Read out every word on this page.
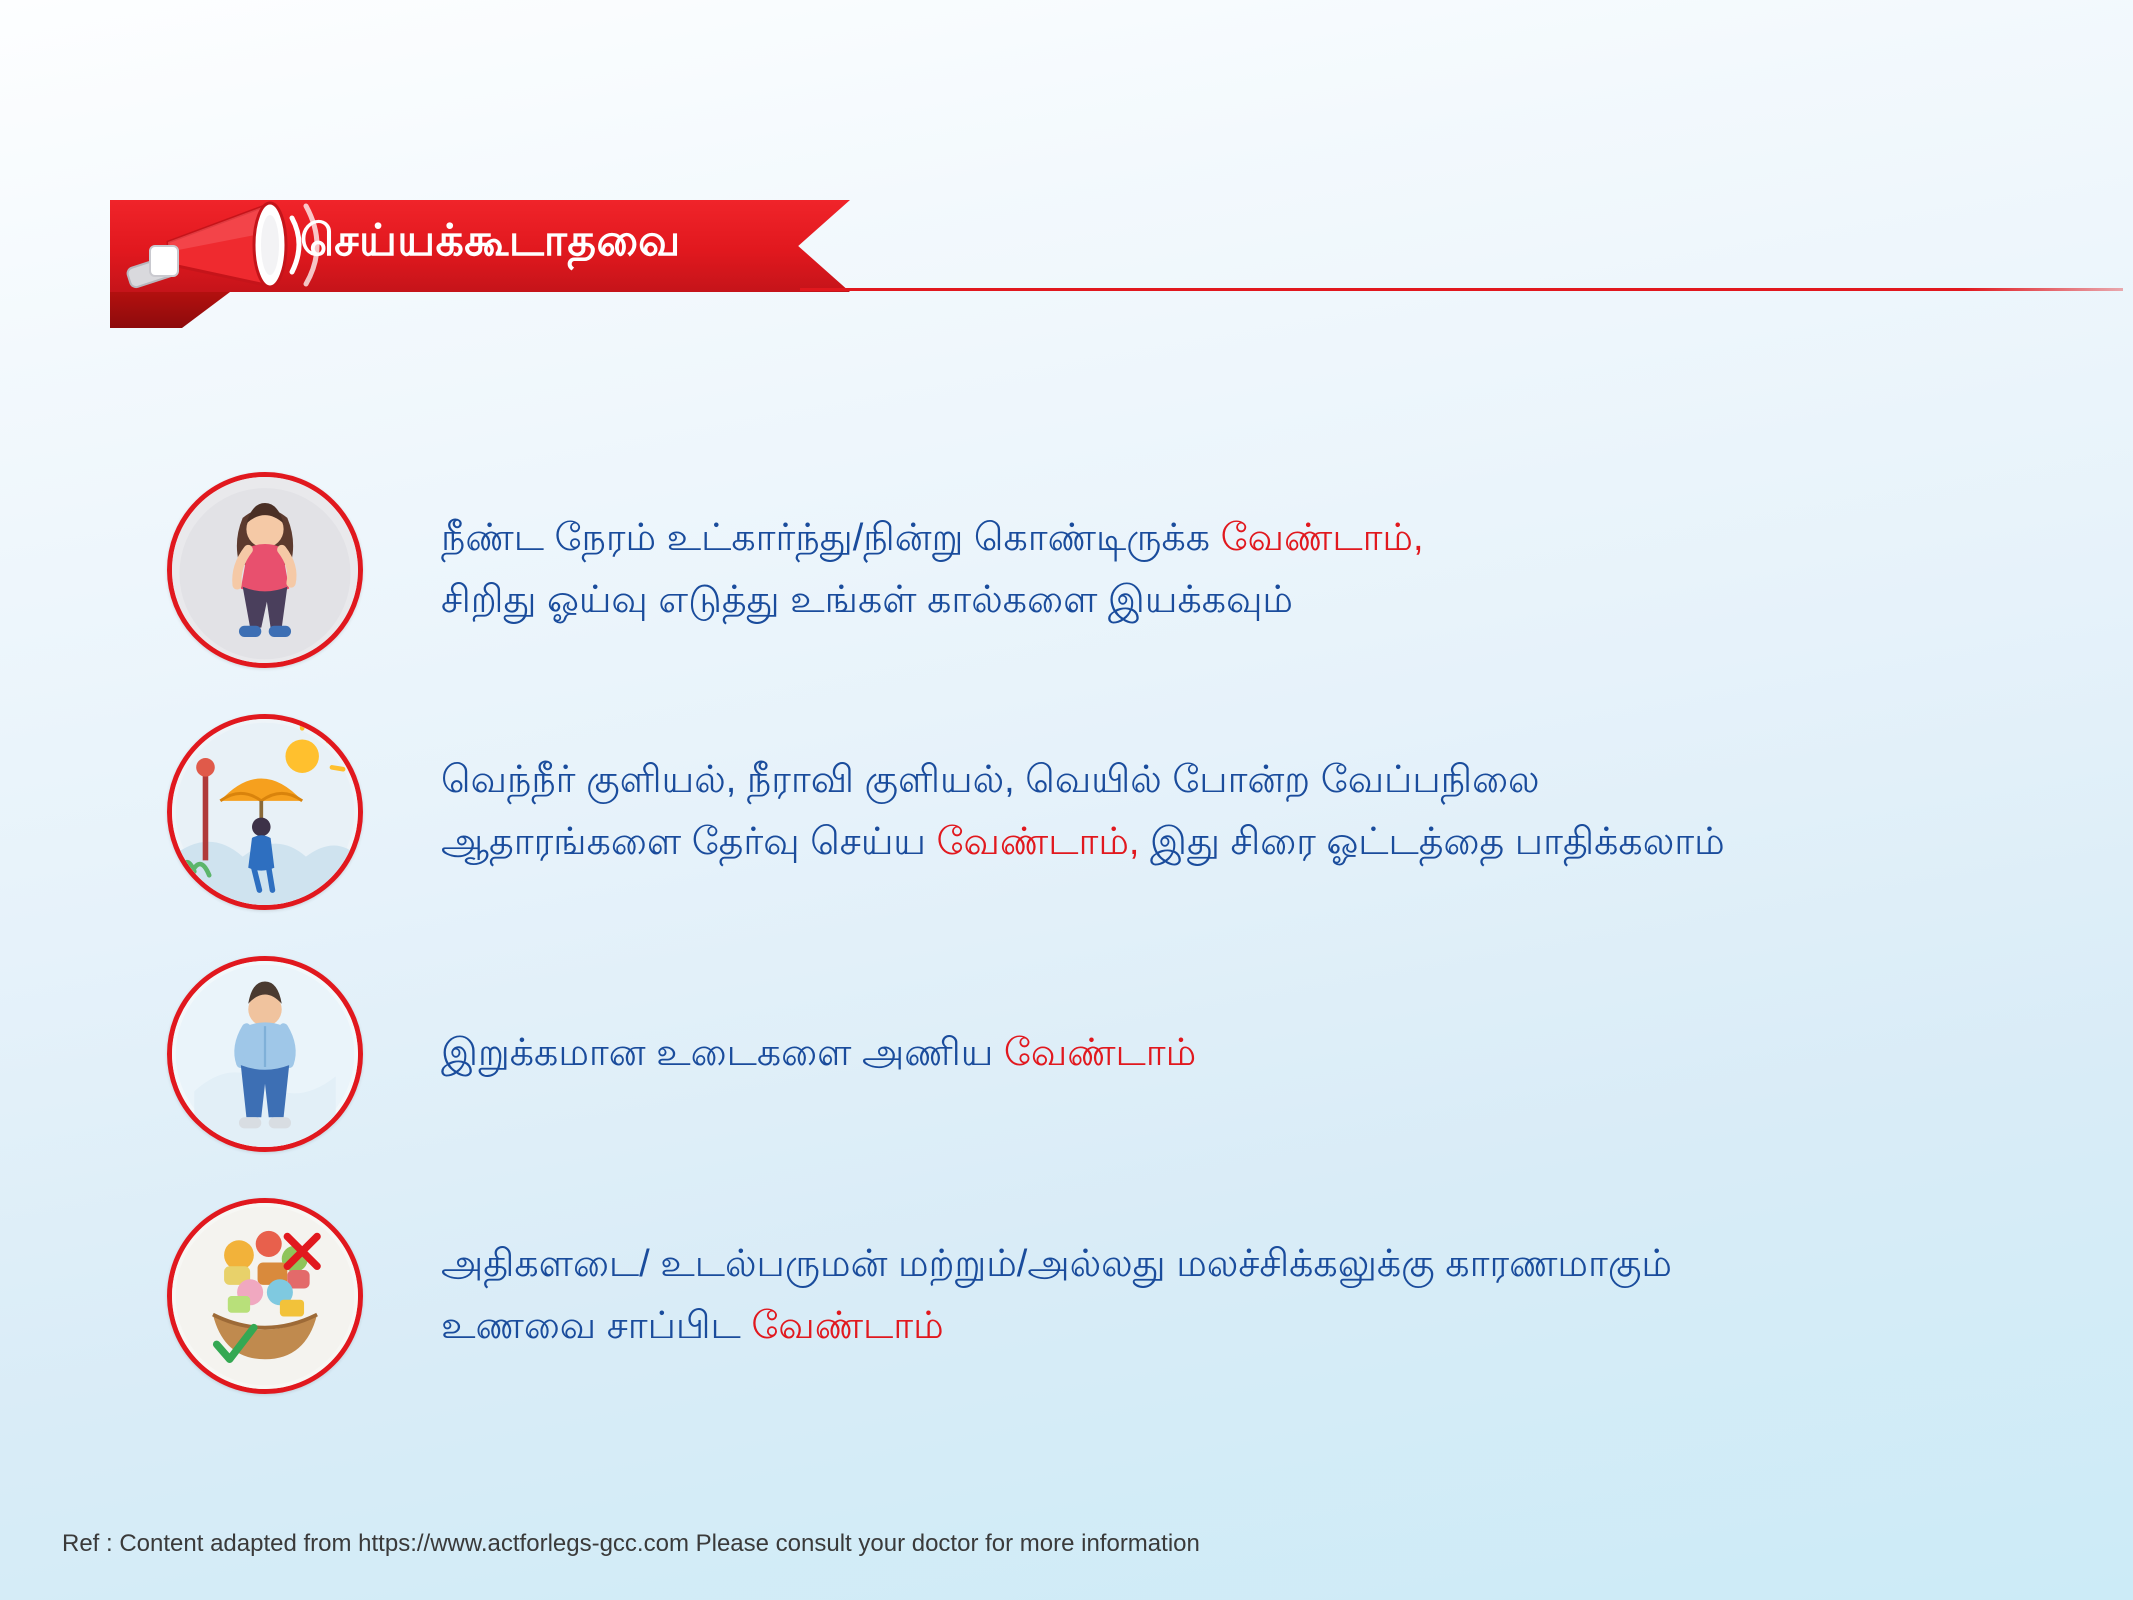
செய்யக்கூடாதவை
நீண்ட நேரம் உட்கார்ந்து/நின்று கொண்டிருக்க வேண்டாம்,
சிறிது ஓய்வு எடுத்து உங்கள் கால்களை இயக்கவும்
வெந்நீர் குளியல், நீராவி குளியல், வெயில் போன்ற வேப்பநிலை
ஆதாரங்களை தேர்வு செய்ய வேண்டாம், இது சிரை ஓட்டத்தை பாதிக்கலாம்
இறுக்கமான உடைகளை அணிய வேண்டாம்
அதிகளடை/ உடல்பருமன் மற்றும்/அல்லது மலச்சிக்கலுக்கு காரணமாகும்
உணவை சாப்பிட வேண்டாம்
Ref : Content adapted from https://www.actforlegs-gcc.com Please consult your doctor for more information
